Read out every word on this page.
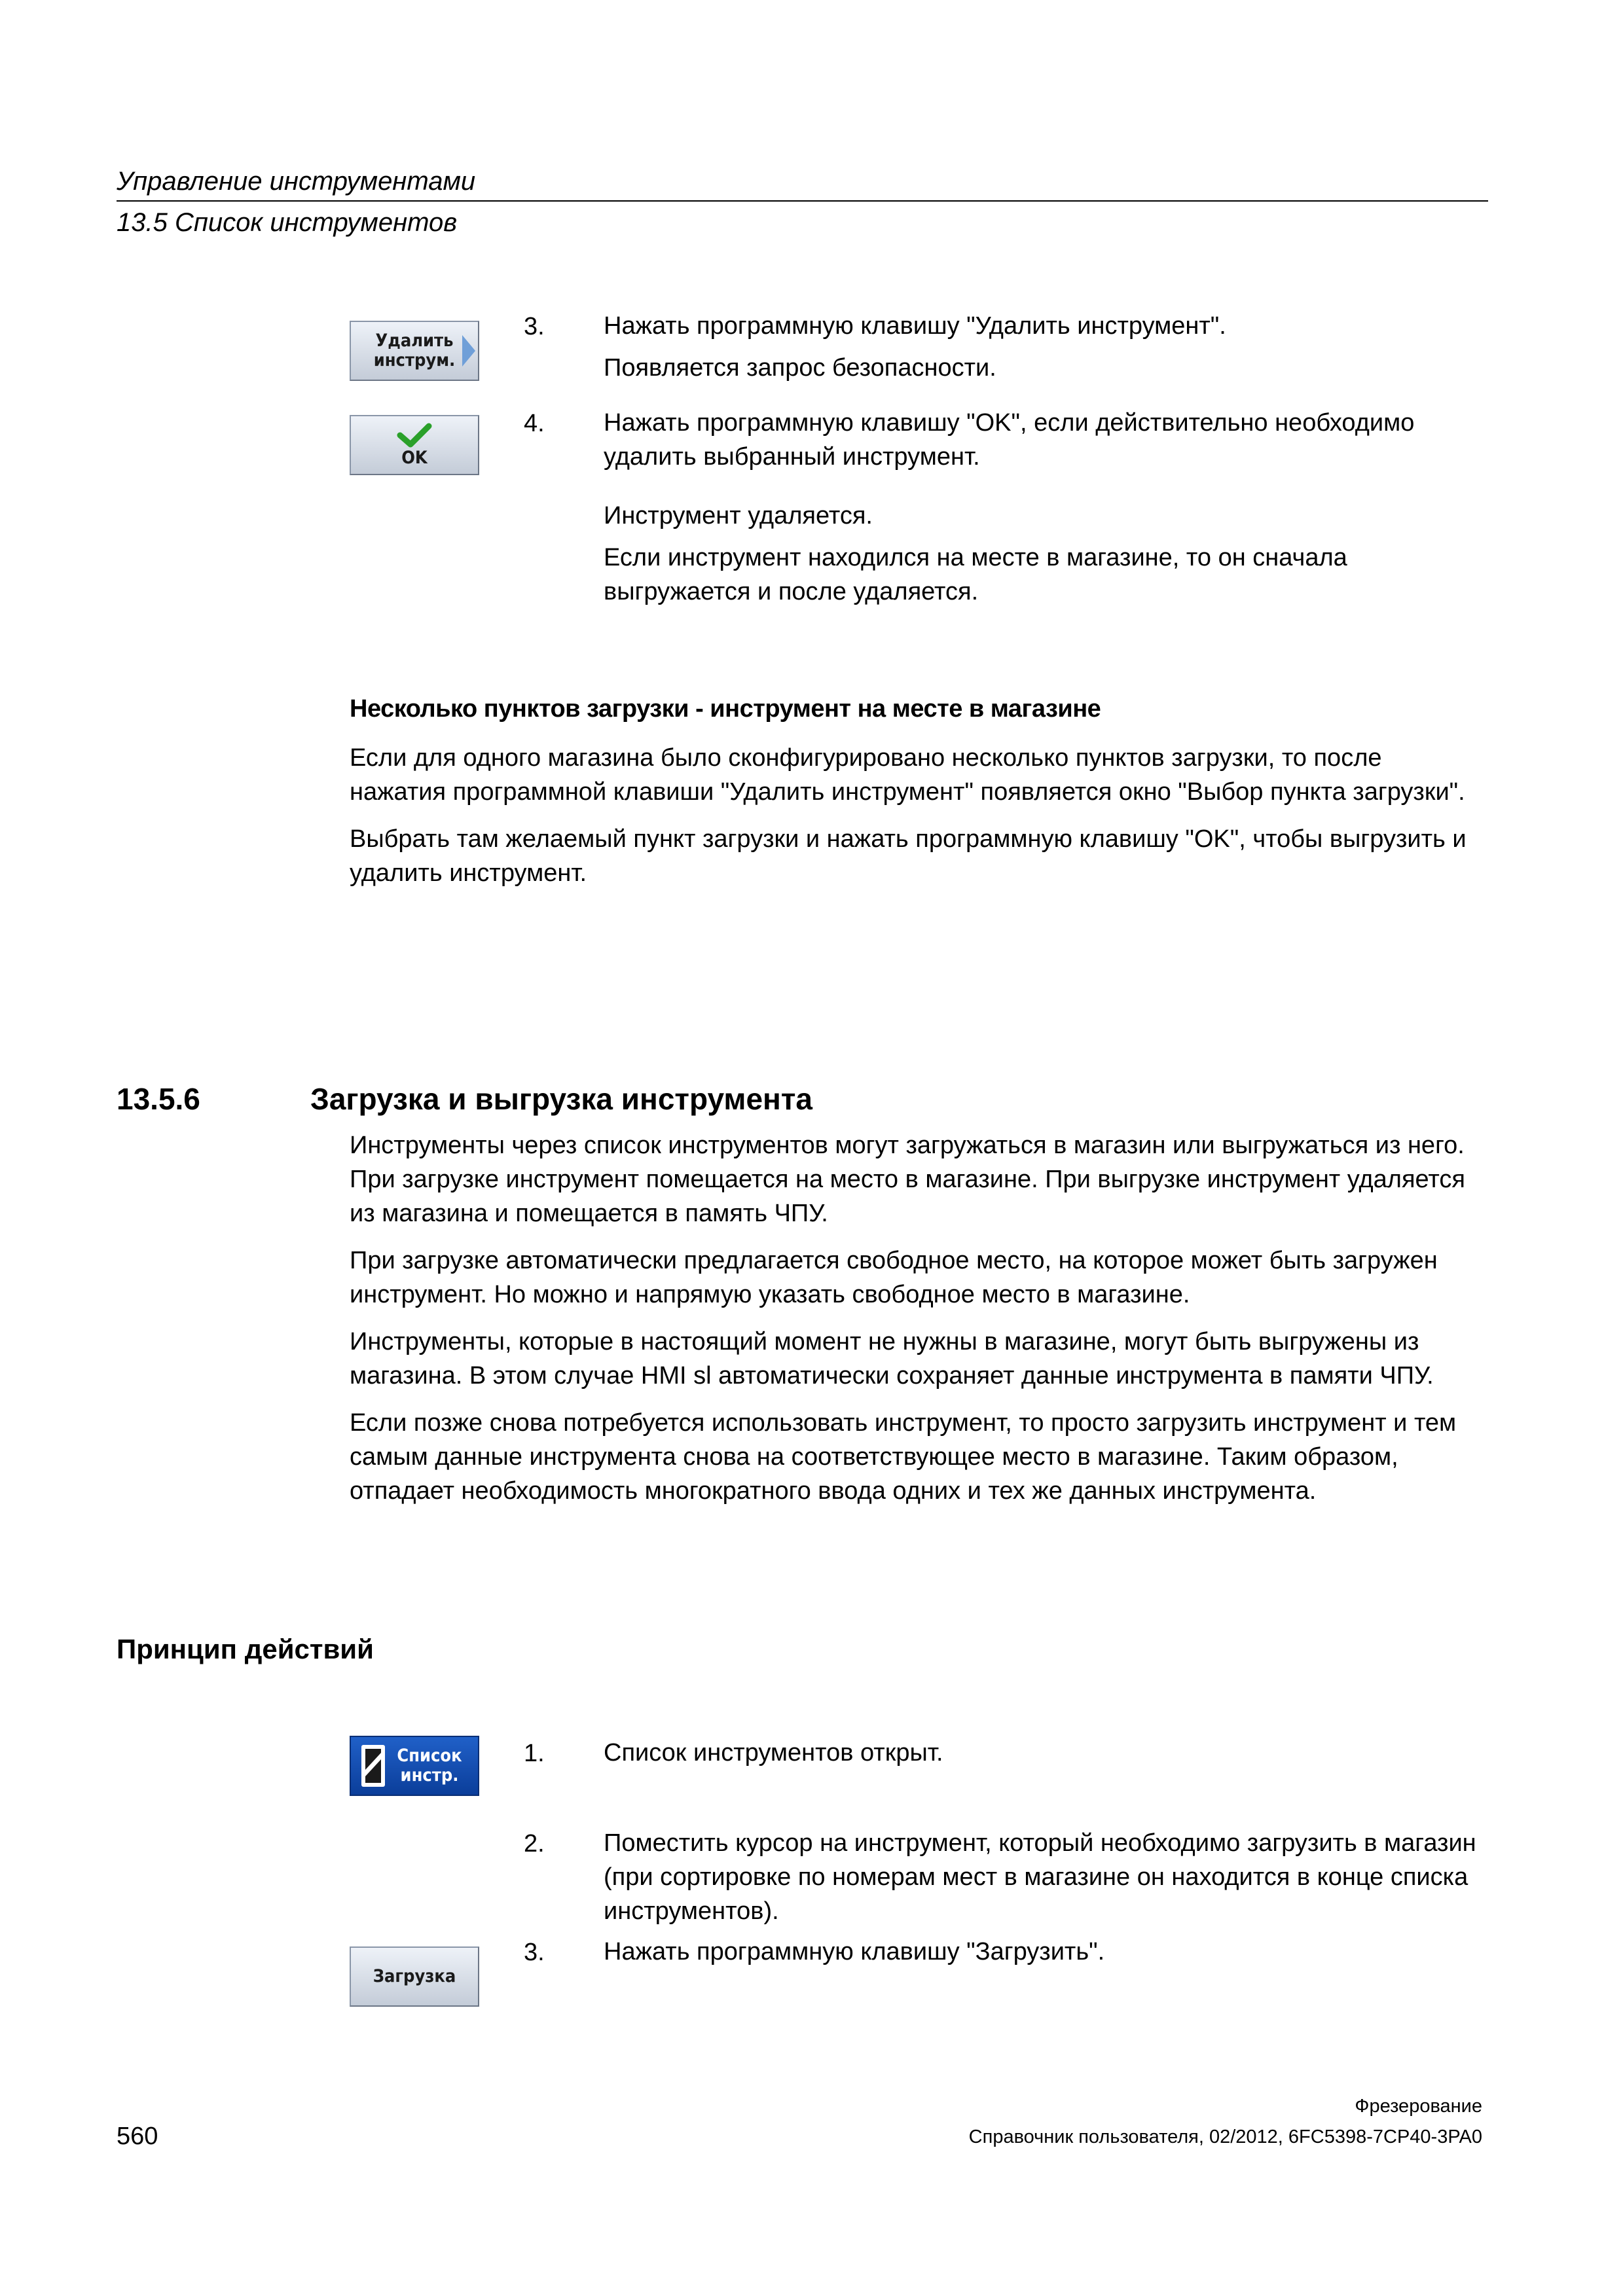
Управление инструментами
13.5 Список инструментов
Удалить
инструм.
3. Нажать программную клавишу "Удалить инструмент".
Появляется запрос безопасности.
OK
4. Нажать программную клавишу "OK", если действительно необходимо удалить выбранный инструмент.
Инструмент удаляется.
Если инструмент находился на месте в магазине, то он сначала выгружается и после удаляется.
Несколько пунктов загрузки - инструмент на месте в магазине

Если для одного магазина было сконфигурировано несколько пунктов загрузки, то после нажатия программной клавиши "Удалить инструмент" появляется окно "Выбор пункта загрузки".

Выбрать там желаемый пункт загрузки и нажать программную клавишу "OK", чтобы выгрузить и удалить инструмент.

13.5.6	Загрузка и выгрузка инструмента

Инструменты через список инструментов могут загружаться в магазин или выгружаться из него. При загрузке инструмент помещается на место в магазине. При выгрузке инструмент удаляется из магазина и помещается в память ЧПУ.

При загрузке автоматически предлагается свободное место, на которое может быть загружен инструмент. Но можно и напрямую указать свободное место в магазине.

Инструменты, которые в настоящий момент не нужны в магазине, могут быть выгружены из магазина. В этом случае HMI sl автоматически сохраняет данные инструмента в памяти ЧПУ.

Если позже снова потребуется использовать инструмент, то просто загрузить инструмент и тем самым данные инструмента снова на соответствующее место в магазине. Таким образом, отпадает необходимость многократного ввода одних и тех же данных инструмента.

Принцип действий
Список
инстр.
1. Список инструментов открыт.
2. Поместить курсор на инструмент, который необходимо загрузить в магазин (при сортировке по номерам мест в магазине он находится в конце списка инструментов).
Загрузка
3. Нажать программную клавишу "Загрузить".
Фрезерование
560	Справочник пользователя, 02/2012, 6FC5398-7CP40-3PA0
